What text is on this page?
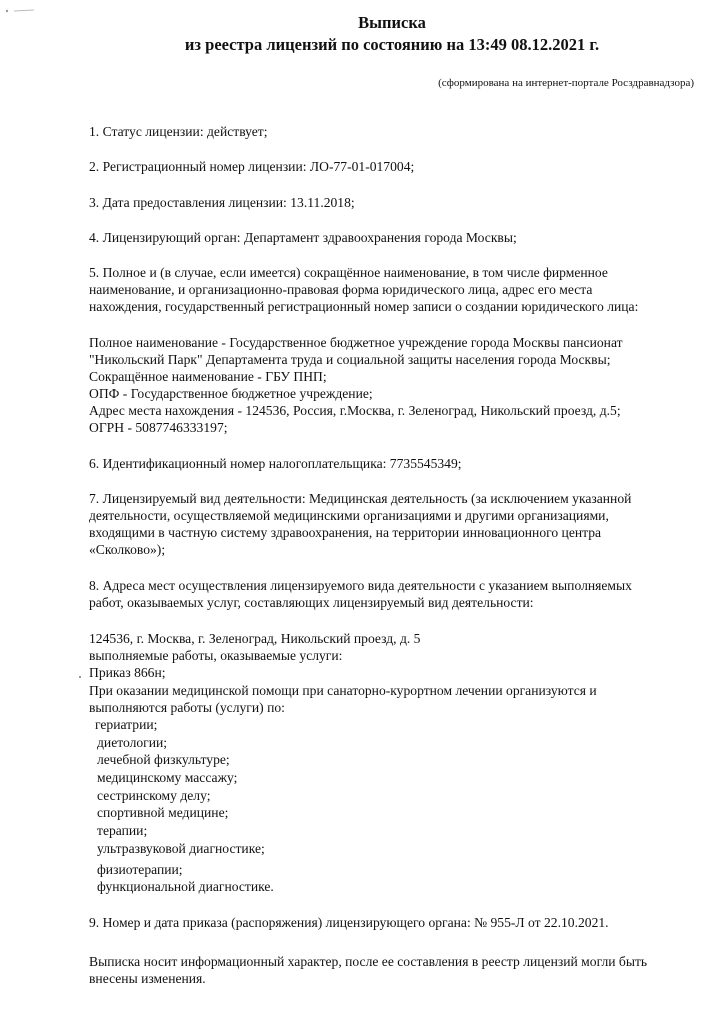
Выписка
из реестра лицензий по состоянию на 13:49 08.12.2021 г.
(сформирована на интернет-портале Росздравнадзора)
1. Статус лицензии: действует;
2. Регистрационный номер лицензии: ЛО-77-01-017004;
3. Дата предоставления лицензии: 13.11.2018;
4. Лицензирующий орган: Департамент здравоохранения города Москвы;
5. Полное и (в случае, если имеется) сокращённое наименование, в том числе фирменное
наименование, и организационно-правовая форма юридического лица, адрес его места
нахождения, государственный регистрационный номер записи о создании юридического лица:
Полное наименование - Государственное бюджетное учреждение города Москвы пансионат
"Никольский Парк" Департамента труда и социальной защиты населения города Москвы;
Сокращённое наименование - ГБУ ПНП;
ОПФ - Государственное бюджетное учреждение;
Адрес места нахождения - 124536, Россия, г.Москва, г. Зеленоград, Никольский проезд, д.5;
ОГРН - 5087746333197;
6. Идентификационный номер налогоплательщика: 7735545349;
7. Лицензируемый вид деятельности: Медицинская деятельность (за исключением указанной
деятельности, осуществляемой медицинскими организациями и другими организациями,
входящими в частную систему здравоохранения, на территории инновационного центра
«Сколково»);
8. Адреса мест осуществления лицензируемого вида деятельности с указанием выполняемых
работ, оказываемых услуг, составляющих лицензируемый вид деятельности:
124536, г. Москва, г. Зеленоград, Никольский проезд, д. 5
выполняемые работы, оказываемые услуги:
Приказ 866н;
При оказании медицинской помощи при санаторно-курортном лечении организуются и
выполняются работы (услуги) по:
гериатрии;
диетологии;
лечебной физкультуре;
медицинскому массажу;
сестринскому делу;
спортивной медицине;
терапии;
ультразвуковой диагностике;
физиотерапии;
функциональной диагностике.
9. Номер и дата приказа (распоряжения) лицензирующего органа: № 955-Л от 22.10.2021.
Выписка носит информационный характер, после ее составления в реестр лицензий могли быть
внесены изменения.
